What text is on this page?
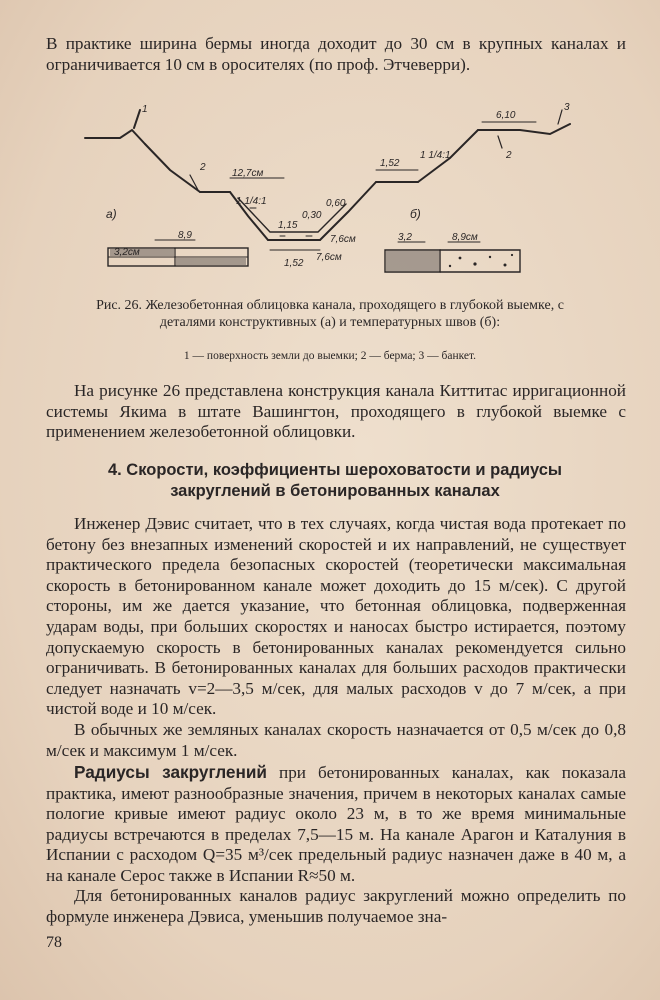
В практике ширина бермы иногда доходит до 30 см в крупных каналах и ограничивается 10 см в оросителях (по проф. Этчеверри).

1
2
2
3
6,10
1,52
1 1/4:1
1 1/4:1
12,7см
0,60
0,30
1,15
7,6см
7,6см
1,52
8,9
3,2см
3,2	8,9см
а)	б)

Рис. 26. Железобетонная облицовка канала, проходящего в глубокой выемке, с деталями конструктивных (а) и температурных швов (б):

1 — поверхность земли до выемки; 2 — берма; 3 — банкет.

На рисунке 26 представлена конструкция канала Киттитас ирригационной системы Якима в штате Вашингтон, проходящего в глубокой выемке с применением железобетонной облицовки.

4. Скорости, коэффициенты шероховатости и радиусы
закруглений в бетонированных каналах

Инженер Дэвис считает, что в тех случаях, когда чистая вода протекает по бетону без внезапных изменений скоростей и их направлений, не существует практического предела безопасных скоростей (теоретически максимальная скорость в бетонированном канале может доходить до 15 м/сек). С другой стороны, им же дается указание, что бетонная облицовка, подверженная ударам воды, при больших скоростях и наносах быстро истирается, поэтому допускаемую скорость в бетонированных каналах рекомендуется сильно ограничивать. В бетонированных каналах для больших расходов практически следует назначать v=2—3,5 м/сек, для малых расходов v до 7 м/сек, а при чистой воде и 10 м/сек.

В обычных же земляных каналах скорость назначается от 0,5 м/сек до 0,8 м/сек и максимум 1 м/сек.

Радиусы закруглений при бетонированных каналах, как показала практика, имеют разнообразные значения, причем в некоторых каналах самые пологие кривые имеют радиус около 23 м, в то же время минимальные радиусы встречаются в пределах 7,5—15 м. На канале Арагон и Каталуния в Испании с расходом Q=35 м³/сек предельный радиус назначен даже в 40 м, а на канале Серос также в Испании R≈50 м.

Для бетонированных каналов радиус закруглений можно определить по формуле инженера Дэвиса, уменьшив получаемое зна-

78
